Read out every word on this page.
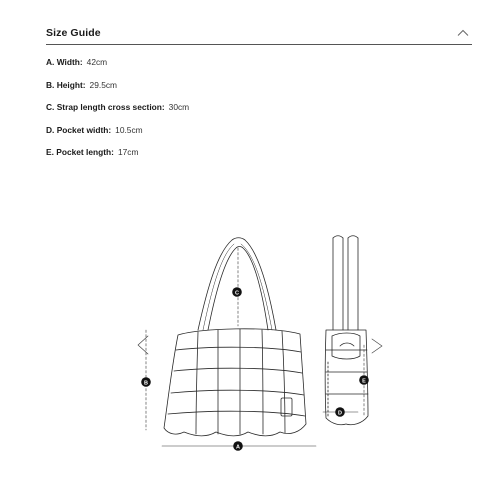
Size Guide
A. Width: 42cm
B. Height: 29.5cm
C. Strap length cross section: 30cm
D. Pocket width: 10.5cm
E. Pocket length: 17cm
A
B
C
D
E
